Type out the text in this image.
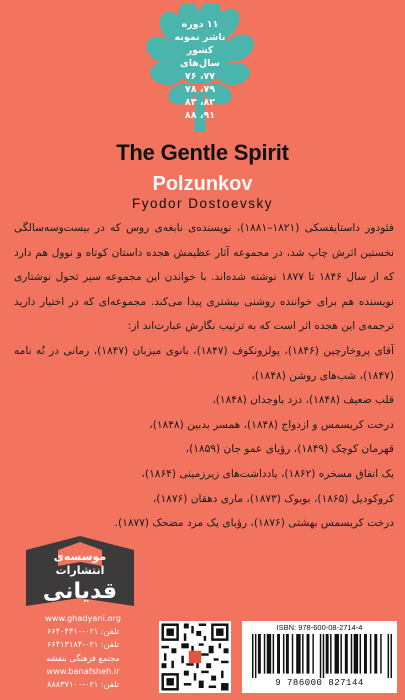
۱۱ دوره
ناشر نمونه
کشور
سال‌های
۷۷، ۷۶
۷۹، ۷۸
۸۲، ۸۳
۹۱، ۸۸
The Gentle Spirit
Polzunkov
Fyodor Dostoevsky

فئودور داستایفسکی (۱۸۲۱–۱۸۸۱)، نویسنده‌ی نابغه‌ی روس که در بیست‌وسه‌سالگی نخستین اثرش چاپ شد، در مجموعه آثار عظیمش هجده داستان کوتاه و نوول هم دارد که از سال ۱۸۴۶ تا ۱۸۷۷ نوشته شده‌اند. با خواندن این مجموعه سیر تحول نوشتاری نویسنده هم برای خواننده روشنی بیشتری پیدا می‌کند. مجموعه‌ای که در اختیار دارید ترجمه‌ی این هجده اثر است که به ترتیب نگارش عبارت‌اند از:

آقای پروخارچین (۱۸۴۶)، پولزونکوف (۱۸۴۷)، بانوی میزبان (۱۸۴۷)، رمانی در نُه نامه (۱۸۴۷)، شب‌های روشن (۱۸۴۸)،

قلب ضعیف (۱۸۴۸)، دزد باوجدان (۱۸۴۸)،

درخت کریسمس و ازدواج (۱۸۴۸)، همسر بدبین (۱۸۴۸)،

قهرمان کوچک (۱۸۴۹)، رؤیای عمو جان (۱۸۵۹)،

یک اتفاق مسخره (۱۸۶۲)، یادداشت‌های زیرزمینی (۱۸۶۴)،

کروکودیل (۱۸۶۵)، بوبوک (۱۸۷۳)، ماری دهقان (۱۸۷۶)،

درخت کریسمس بهشتی (۱۸۷۶)، رؤیای یک مرد مضحک (۱۸۷۷).

موسسه‌ی
انتشارات
قدیانی
www.ghadyani.org
تلفن: ۰۲۱-۶۶۴۰۴۴۱۰
تلفن: ۰۲۱-۶۶۴۱۳۱۸۴
مجتمع فرهنگی بنفشه
www.banafsheh.ir
تلفن: ۰۲۱-۸۸۸۳۷۱۰۰
ISBN: 978-600-08-2714-4
9 786000 827144
